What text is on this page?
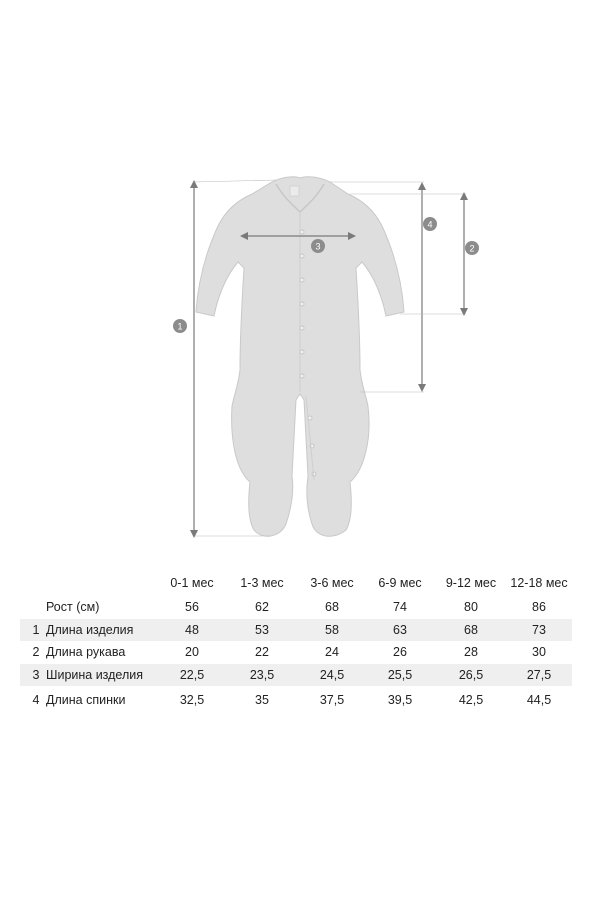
1
4
2
3
0-1 мес	1-3 мес	3-6 мес	6-9 мес	9-12 мес	12-18 мес
Рост (см)	56	62	68	74	80	86
1 Длина изделия	48	53	58	63	68	73
2 Длина рукава	20	22	24	26	28	30
3 Ширина изделия	22,5	23,5	24,5	25,5	26,5	27,5
4 Длина спинки	32,5	35	37,5	39,5	42,5	44,5
